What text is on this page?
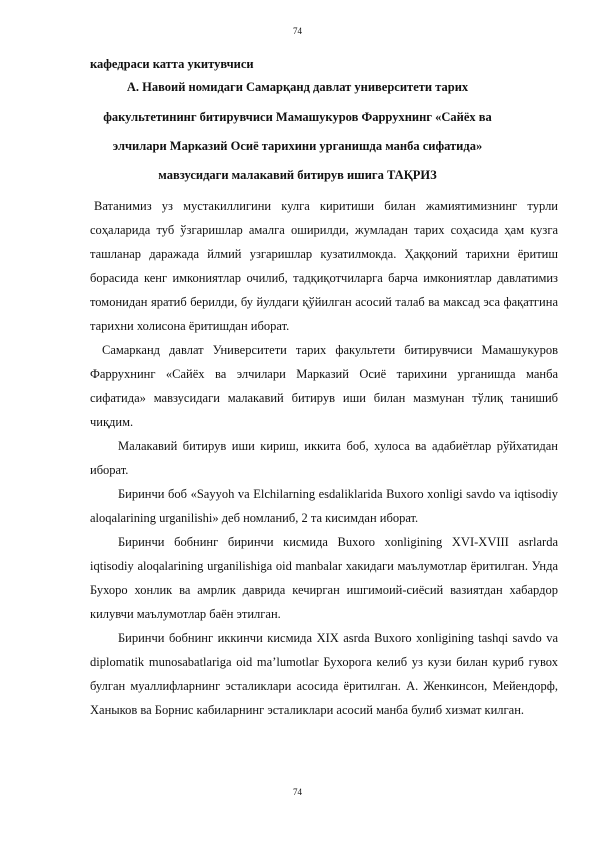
74
кафедраси катта укитувчиси
А. Навоий номидаги Самарқанд давлат университети тарих
факультетининг битирувчиси Мамашукуров Фаррухнинг «Сайёх ва
элчилари Марказий Осиё тарихини урганишда манба сифатида»
мавзусидаги малакавий битирув ишига ТАҚРИЗ

Ватанимиз уз мустакиллигини кулга киритиши билан жамиятимизнинг турли соҳаларида туб ўзгаришлар амалга оширилди, жумладан тарих соҳасида ҳам кузга ташланар даражада йлмий узгаришлар кузатилмокда. Ҳаққоний тарихни ёритиш борасида кенг имкониятлар очилиб, тадқиқотчиларга барча имкониятлар давлатимиз томонидан яратиб берилди, бу йулдаги қўйилган асосий талаб ва максад эса фақатгина тарихни холисона ёритишдан иборат.

Самарканд давлат Университети тарих факультети битирувчиси Мамашукуров Фаррухнинг «Сайёх ва элчилари Марказий Осиё тарихини урганишда манба сифатида» мавзусидаги малакавий битирув иши билан мазмунан тўлиқ танишиб чиқдим.

Малакавий битирув иши кириш, иккита боб, хулоса ва адабиётлар рўйхатидан иборат.

Биринчи боб «Sayyoh va Elchilarning esdaliklarida Buxoro xonligi savdo va iqtisodiy aloqalarining urganilishi» деб номланиб, 2 та кисимдан иборат.

Биринчи бобнинг биринчи кисмида Buxoro xonligining XVI-XVIII asrlarda iqtisodiy aloqalarining urganilishiga oid manbalar хакидаги маълумотлар ёритилган. Унда Бухоро хонлик ва амрлик даврида кечирган ишгимоий-сиёсий вазиятдан хабардор килувчи маълумотлар баён этилган.

Биринчи бобнинг иккинчи кисмида XIX asrda Buxoro xonligining tashqi savdo va diplomatik munosabatlariga oid ma’lumotlar Бухорога келиб уз кузи билан куриб гувох булган муаллифларнинг эсталиклари асосида ёритилган. А. Женкинсон, Мейендорф, Ханыков ва Борнис кабиларнинг эсталиклари асосий манба булиб хизмат килган.

74
